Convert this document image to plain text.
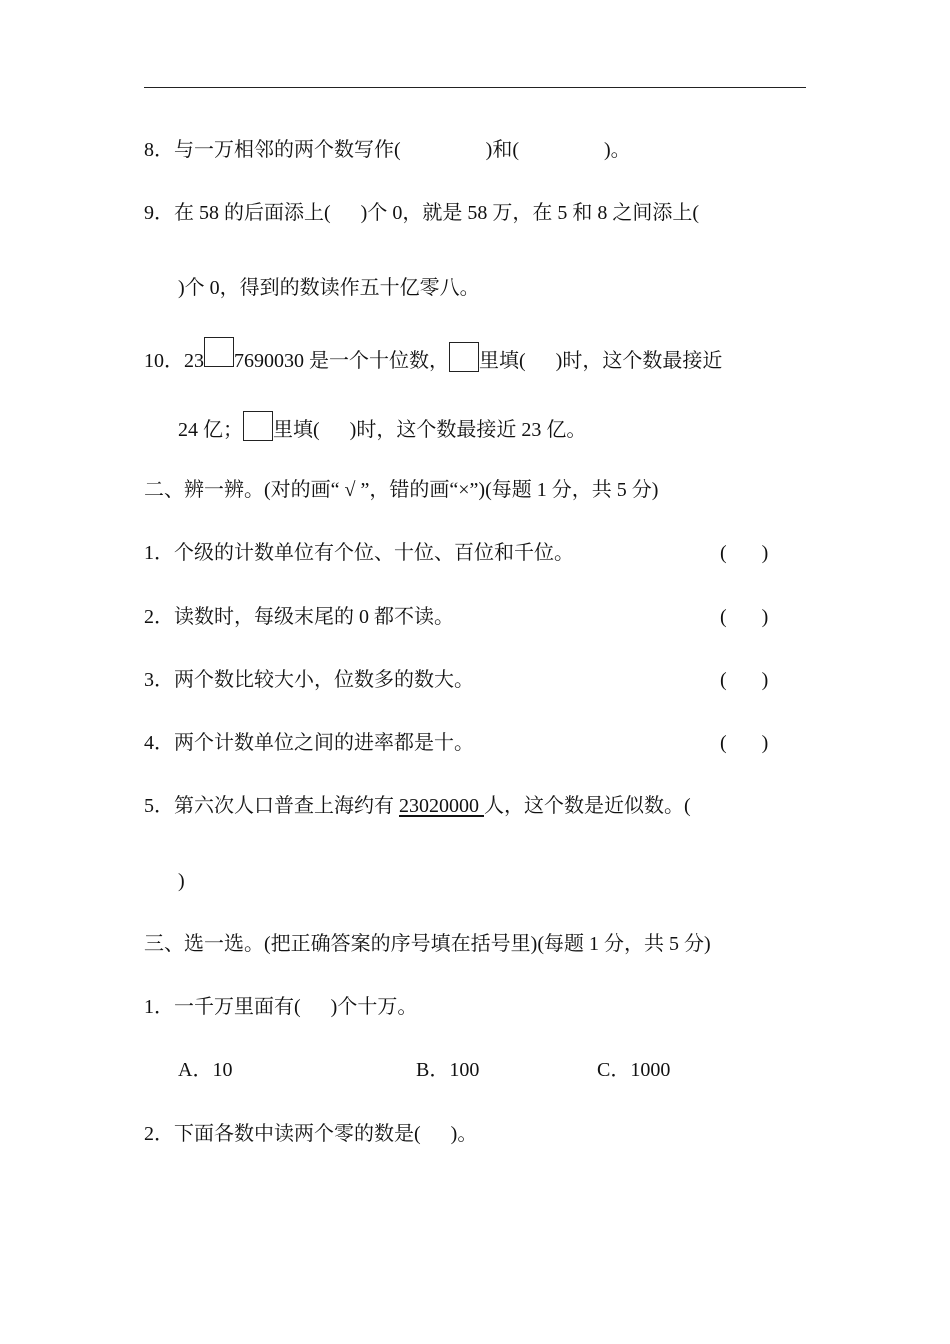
8．与一万相邻的两个数写作(	)和(	)。
9．在 58 的后面添上(      )个 0，就是 58 万，在 5 和 8 之间添上(
)个 0，得到的数读作五十亿零八。
10．23 7690030 是一个十位数， 里填(      )时，这个数最接近
24 亿； 里填(      )时，这个数最接近 23 亿。
二、辨一辨。(对的画“ √ ”，错的画“×”)(每题 1 分，共 5 分)
1．个级的计数单位有个位、十位、百位和千位。	(       )
2．读数时，每级末尾的 0 都不读。	(       )
3．两个数比较大小，位数多的数大。	(       )
4．两个计数单位之间的进率都是十。	(       )
5．第六次人口普查上海约有 23020000 人，这个数是近似数。(
)
三、选一选。(把正确答案的序号填在括号里)(每题 1 分，共 5 分)
1．一千万里面有(      )个十万。
A．10	B．100	C．1000
2．下面各数中读两个零的数是(      )。
